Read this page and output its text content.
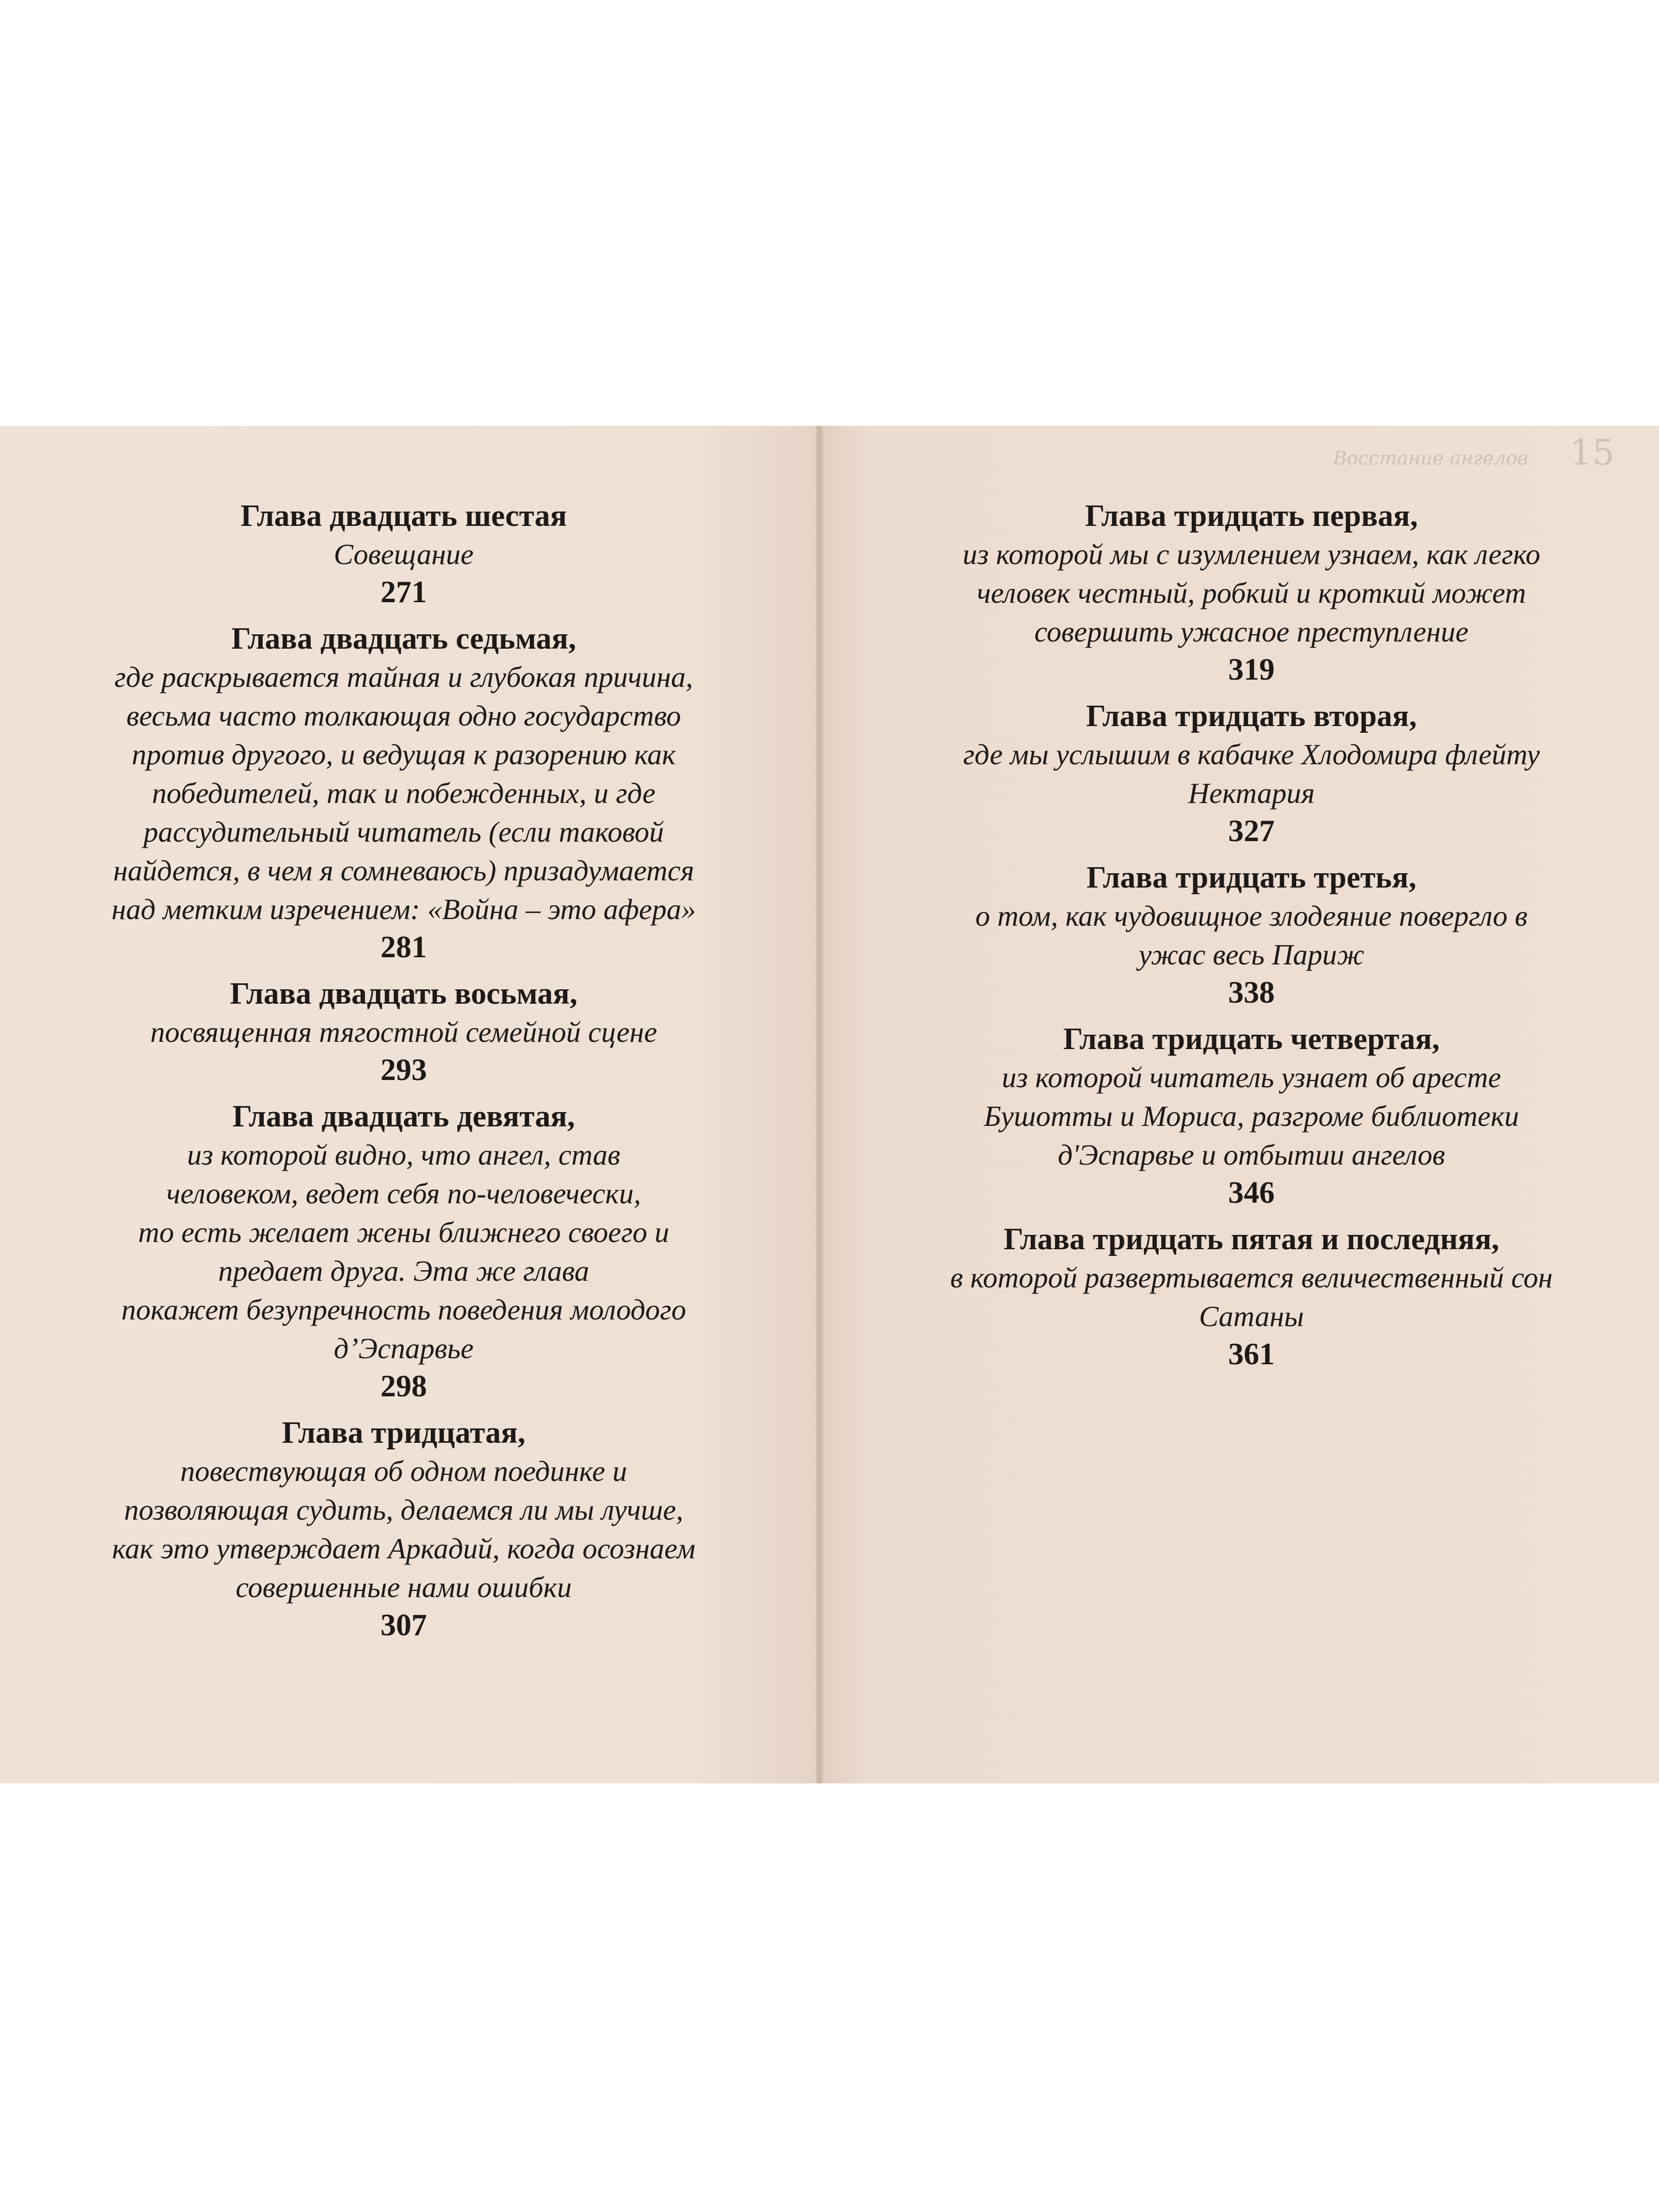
Глава двадцать шестая
Совещание
271
Глава двадцать седьмая,
где раскрывается тайная и глубокая причина,
весьма часто толкающая одно государство
против другого, и ведущая к разорению как
победителей, так и побежденных, и где
рассудительный читатель (если таковой
найдется, в чем я сомневаюсь) призадумается
над метким изречением: «Война – это афера»
281
Глава двадцать восьмая,
посвященная тягостной семейной сцене
293
Глава двадцать девятая,
из которой видно, что ангел, став
человеком, ведет себя по-человечески,
то есть желает жены ближнего своего и
предает друга. Эта же глава
покажет безупречность поведения молодого
д’Эспарвье
298
Глава тридцатая,
повествующая об одном поединке и
позволяющая судить, делаемся ли мы лучше,
как это утверждает Аркадий, когда осознаем
совершенные нами ошибки
307
Восстание ангелов 15
Глава тридцать первая,
из которой мы с изумлением узнаем, как легко
человек честный, робкий и кроткий может
совершить ужасное преступление
319
Глава тридцать вторая,
где мы услышим в кабачке Хлодомира флейту
Нектария
327
Глава тридцать третья,
о том, как чудовищное злодеяние повергло в
ужас весь Париж
338
Глава тридцать четвертая,
из которой читатель узнает об аресте
Бушотты и Мориса, разгроме библиотеки
д'Эспарвье и отбытии ангелов
346
Глава тридцать пятая и последняя,
в которой развертывается величественный сон
Сатаны
361
